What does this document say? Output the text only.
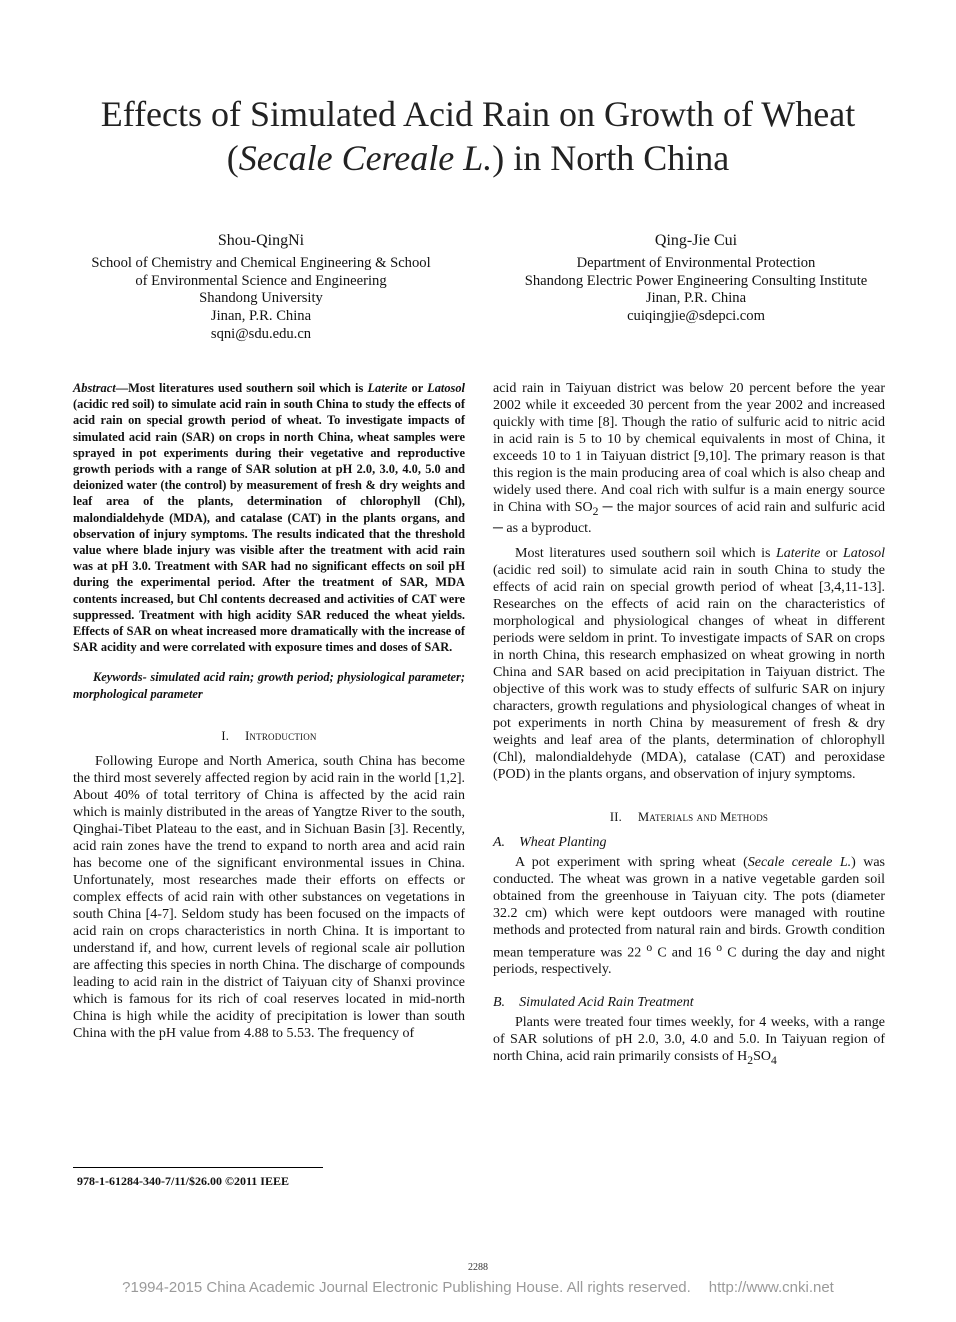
Effects of Simulated Acid Rain on Growth of Wheat
(Secale Cereale L.) in North China
Shou-QingNi
School of Chemistry and Chemical Engineering & School
of Environmental Science and Engineering
Shandong University
Jinan, P.R. China
sqni@sdu.edu.cn
Qing-Jie Cui
Department of Environmental Protection
Shandong Electric Power Engineering Consulting Institute
Jinan, P.R. China
cuiqingjie@sdepci.com

Abstract—Most literatures used southern soil which is Laterite or Latosol (acidic red soil) to simulate acid rain in south China to study the effects of acid rain on special growth period of wheat. To investigate impacts of simulated acid rain (SAR) on crops in north China, wheat samples were sprayed in pot experiments during their vegetative and reproductive growth periods with a range of SAR solution at pH 2.0, 3.0, 4.0, 5.0 and deionized water (the control) by measurement of fresh & dry weights and leaf area of the plants, determination of chlorophyll (Chl), malondialdehyde (MDA), and catalase (CAT) in the plants organs, and observation of injury symptoms. The results indicated that the threshold value where blade injury was visible after the treatment with acid rain was at pH 3.0. Treatment with SAR had no significant effects on soil pH during the experimental period. After the treatment of SAR, MDA contents increased, but Chl contents decreased and activities of CAT were suppressed. Treatment with high acidity SAR reduced the wheat yields. Effects of SAR on wheat increased more dramatically with the increase of SAR acidity and were correlated with exposure times and doses of SAR.

Keywords- simulated acid rain; growth period; physiological parameter; morphological parameter

I. Introduction

Following Europe and North America, south China has become the third most severely affected region by acid rain in the world [1,2]. About 40% of total territory of China is affected by the acid rain which is mainly distributed in the areas of Yangtze River to the south, Qinghai-Tibet Plateau to the east, and in Sichuan Basin [3]. Recently, acid rain zones have the trend to expand to north area and acid rain has become one of the significant environmental issues in China. Unfortunately, most researches made their efforts on effects or complex effects of acid rain with other substances on vegetations in south China [4-7]. Seldom study has been focused on the impacts of acid rain on crops characteristics in north China. It is important to understand if, and how, current levels of regional scale air pollution are affecting this species in north China. The discharge of compounds leading to acid rain in the district of Taiyuan city of Shanxi province which is famous for its rich of coal reserves located in mid-north China is high while the acidity of precipitation is lower than south China with the pH value from 4.88 to 5.53. The frequency of

acid rain in Taiyuan district was below 20 percent before the year 2002 while it exceeded 30 percent from the year 2002 and increased quickly with time [8]. Though the ratio of sulfuric acid to nitric acid in acid rain is 5 to 10 by chemical equivalents in most of China, it exceeds 10 to 1 in Taiyuan district [9,10]. The primary reason is that this region is the main producing area of coal which is also cheap and widely used there. And coal rich with sulfur is a main energy source in China with $SO_2$ ─ the major sources of acid rain and sulfuric acid ─ as a byproduct.

Most literatures used southern soil which is Laterite or Latosol (acidic red soil) to simulate acid rain in south China to study the effects of acid rain on special growth period of wheat [3,4,11-13]. Researches on the effects of acid rain on the characteristics of morphological and physiological changes of wheat in different periods were seldom in print. To investigate impacts of SAR on crops in north China, this research emphasized on wheat growing in north China and SAR based on acid precipitation in Taiyuan district. The objective of this work was to study effects of sulfuric SAR on injury characters, growth regulations and physiological changes of wheat in pot experiments in north China by measurement of fresh & dry weights and leaf area of the plants, determination of chlorophyll (Chl), malondialdehyde (MDA), catalase (CAT) and peroxidase (POD) in the plants organs, and observation of injury symptoms.

II. Materials and Methods
A. Wheat Planting

A pot experiment with spring wheat (Secale cereale L.) was conducted. The wheat was grown in a native vegetable garden soil obtained from the greenhouse in Taiyuan city. The pots (diameter 32.2 cm) which were kept outdoors were managed with routine methods and protected from natural rain and birds. Growth condition mean temperature was 22 $^o$ C and 16 $^o$ C during the day and night periods, respectively.

B. Simulated Acid Rain Treatment

Plants were treated four times weekly, for 4 weeks, with a range of SAR solutions of pH 2.0, 3.0, 4.0 and 5.0. In Taiyuan region of north China, acid rain primarily consists of $H_2SO_4$

978-1-61284-340-7/11/$26.00 ©2011 IEEE
2288
?1994-2015 China Academic Journal Electronic Publishing House. All rights reserved. http://www.cnki.net
